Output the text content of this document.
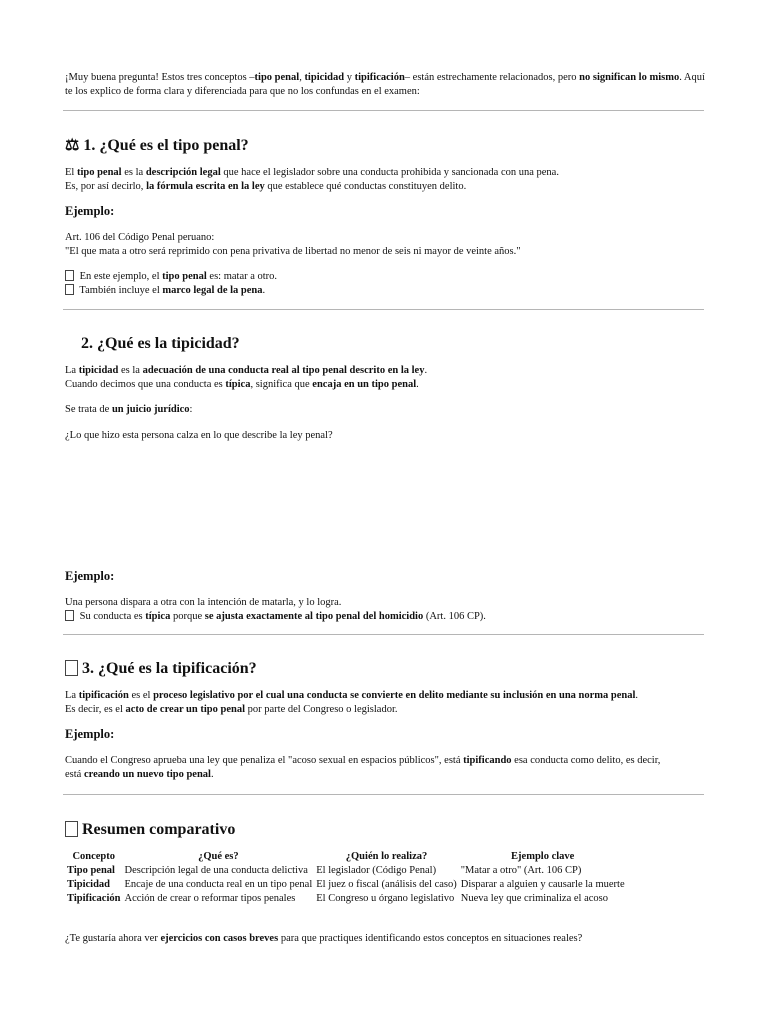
¡Muy buena pregunta! Estos tres conceptos –tipo penal, tipicidad y tipificación– están estrechamente relacionados, pero no significan lo mismo. Aquí te los explico de forma clara y diferenciada para que no los confundas en el examen:

⚖ 1. ¿Qué es el tipo penal?

El tipo penal es la descripción legal que hace el legislador sobre una conducta prohibida y sancionada con una pena.

Es, por así decirlo, la fórmula escrita en la ley que establece qué conductas constituyen delito.

Ejemplo:

Art. 106 del Código Penal peruano:

"El que mata a otro será reprimido con pena privativa de libertad no menor de seis ni mayor de veinte años."

En este ejemplo, el tipo penal es: matar a otro.

También incluye el marco legal de la pena.

2. ¿Qué es la tipicidad?

La tipicidad es la adecuación de una conducta real al tipo penal descrito en la ley.

Cuando decimos que una conducta es típica, significa que encaja en un tipo penal.

Se trata de un juicio jurídico:

¿Lo que hizo esta persona calza en lo que describe la ley penal?

Ejemplo:

Una persona dispara a otra con la intención de matarla, y lo logra.

Su conducta es típica porque se ajusta exactamente al tipo penal del homicidio (Art. 106 CP).

3. ¿Qué es la tipificación?

La tipificación es el proceso legislativo por el cual una conducta se convierte en delito mediante su inclusión en una norma penal.

Es decir, es el acto de crear un tipo penal por parte del Congreso o legislador.

Ejemplo:

Cuando el Congreso aprueba una ley que penaliza el "acoso sexual en espacios públicos", está tipificando esa conducta como delito, es decir,

está creando un nuevo tipo penal.

Resumen comparativo
Concepto	¿Qué es?	¿Quién lo realiza?	Ejemplo clave
Tipo penal	Descripción legal de una conducta delictiva	El legislador (Código Penal)	"Matar a otro" (Art. 106 CP)
Tipicidad	Encaje de una conducta real en un tipo penal	El juez o fiscal (análisis del caso)	Disparar a alguien y causarle la muerte
Tipificación	Acción de crear o reformar tipos penales	El Congreso u órgano legislativo	Nueva ley que criminaliza el acoso

¿Te gustaría ahora ver ejercicios con casos breves para que practiques identificando estos conceptos en situaciones reales?
